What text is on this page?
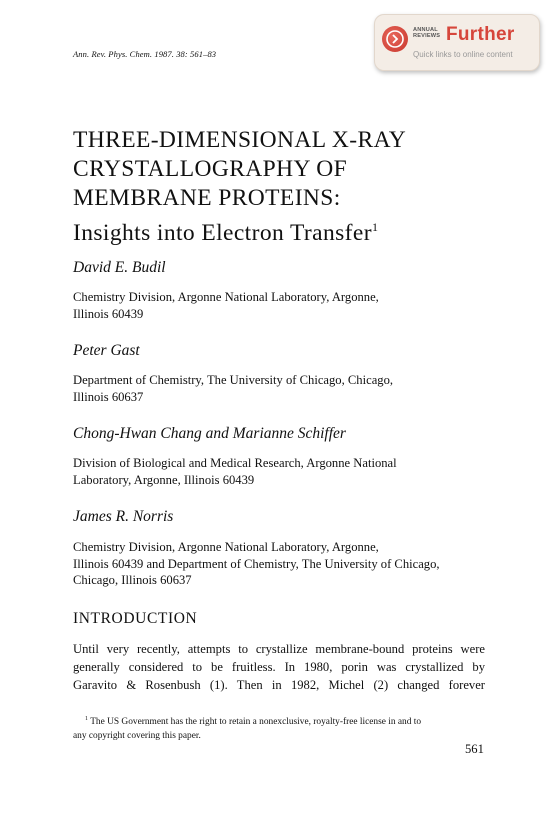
Ann. Rev. Phys. Chem. 1987. 38: 561–83
ANNUAL
REVIEWS Further
Quick links to online content
THREE-DIMENSIONAL X-RAY
CRYSTALLOGRAPHY OF
MEMBRANE PROTEINS:
Insights into Electron Transfer$^1$
David E. Budil
Chemistry Division, Argonne National Laboratory, Argonne,
Illinois 60439
Peter Gast
Department of Chemistry, The University of Chicago, Chicago,
Illinois 60637
Chong-Hwan Chang and Marianne Schiffer
Division of Biological and Medical Research, Argonne National
Laboratory, Argonne, Illinois 60439
James R. Norris
Chemistry Division, Argonne National Laboratory, Argonne,
Illinois 60439 and Department of Chemistry, The University of Chicago,
Chicago, Illinois 60637
INTRODUCTION
Until very recently, attempts to crystallize membrane-bound proteins were
generally considered to be fruitless. In 1980, porin was crystallized by
Garavito & Rosenbush (1). Then in 1982, Michel (2) changed forever
$^1$ The US Government has the right to retain a nonexclusive, royalty-free license in and to
any copyright covering this paper.
561
